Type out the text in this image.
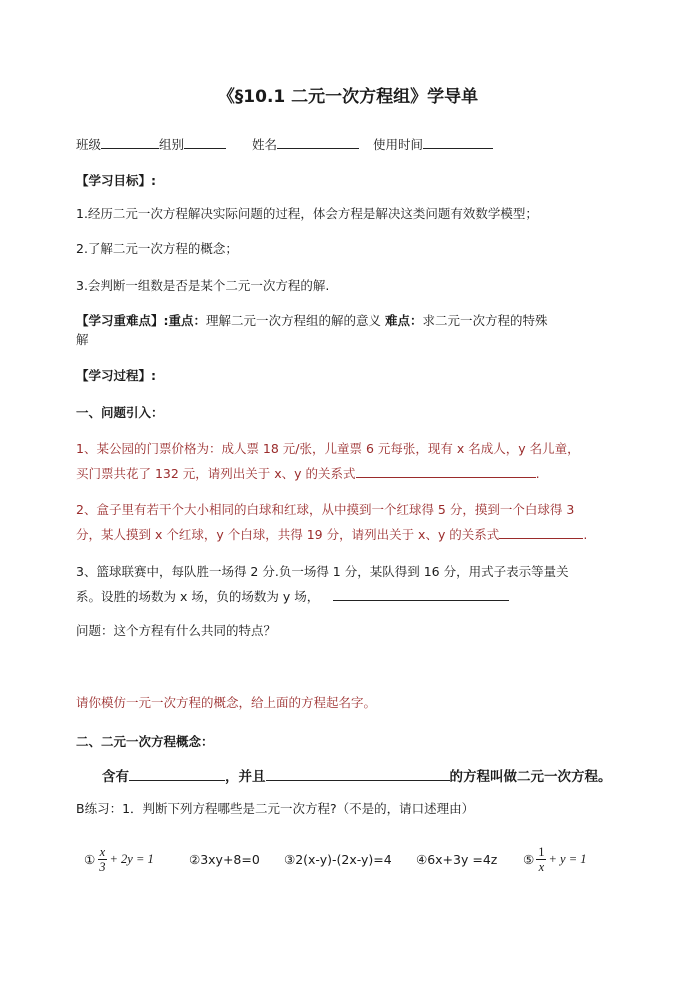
《§10.1 二元一次方程组》学导单
班级	组别	姓名	使用时间
【学习目标】:
1.经历二元一次方程解决实际问题的过程，体会方程是解决这类问题有效数学模型；
2.了解二元一次方程的概念；
3.会判断一组数是否是某个二元一次方程的解.
【学习重难点】:重点：理解二元一次方程组的解的意义 难点：求二元一次方程的特殊
解
【学习过程】:
一、问题引入：
1、某公园的门票价格为：成人票 18 元/张，儿童票 6 元每张，现有 x 名成人，y 名儿童，
买门票共花了 132 元，请列出关于 x、y 的关系式	.
2、盒子里有若干个大小相同的白球和红球，从中摸到一个红球得 5 分，摸到一个白球得 3
分，某人摸到 x 个红球，y 个白球，共得 19 分，请列出关于 x、y 的关系式	.
3、篮球联赛中，每队胜一场得 2 分.负一场得 1 分，某队得到 16 分，用式子表示等量关
系。设胜的场数为 x 场，负的场数为 y 场，
问题：这个方程有什么共同的特点？
请你模仿一元一次方程的概念，给上面的方程起名字。
二、二元一次方程概念：
含有	，并且	的方程叫做二元一次方程。
B练习：1．判断下列方程哪些是二元一次方程?（不是的，请口述理由）
① $\frac{x}{3} + 2y = 1$	②3xy+8=0 ③2(x-y)-(2x-y)=4 ④6x+3y =4z ⑤ $\frac{1}{x} + y = 1$
